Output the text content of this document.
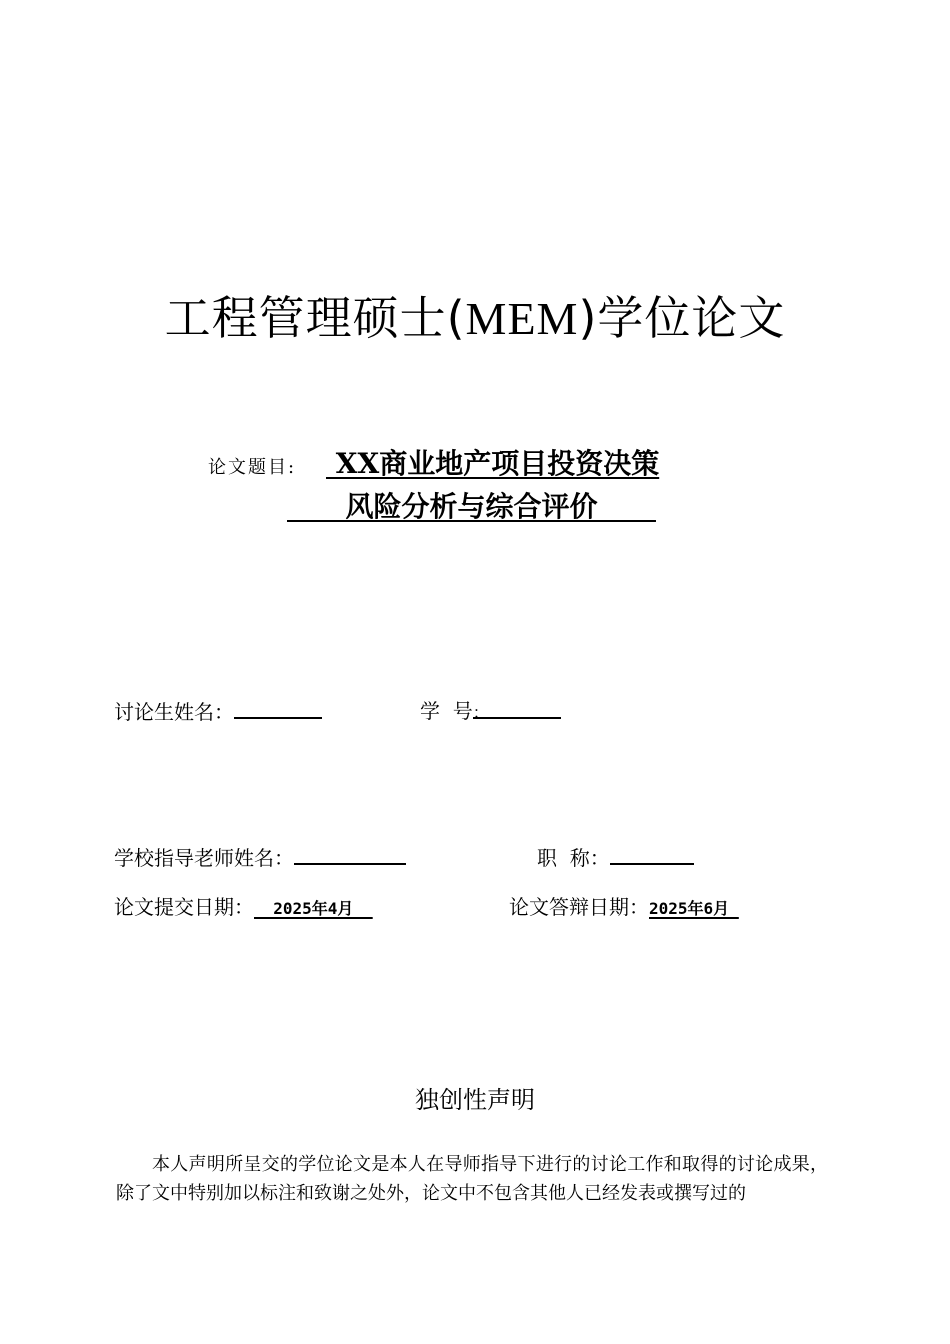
工程管理硕士(MEM)学位论文
论文题目: XX商业地产项目投资决策
风险分析与综合评价
讨论生姓名：	学  号：
学校指导老师姓名：	职  称：
论文提交日期：  2025年4月	论文答辩日期：2025年6月
独创性声明
本人声明所呈交的学位论文是本人在导师指导下进行的讨论工作和取得的讨论成果，除了文中特别加以标注和致谢之处外，论文中不包含其他人已经发表或撰写过的
